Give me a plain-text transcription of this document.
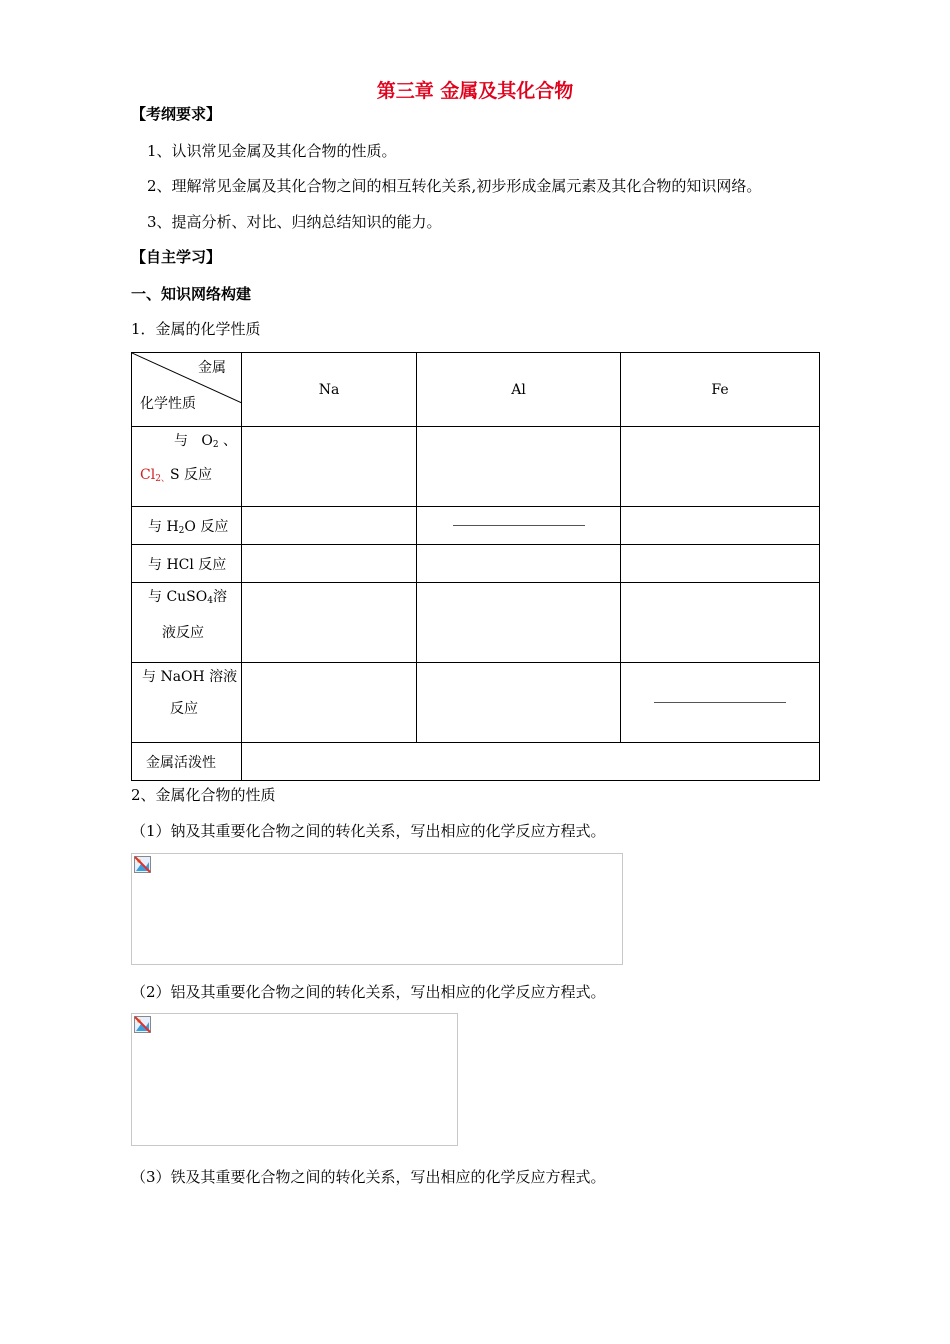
第三章 金属及其化合物
【考纲要求】
1、认识常见金属及其化合物的性质。
2、理解常见金属及其化合物之间的相互转化关系,初步形成金属元素及其化合物的知识网络。
3、提高分析、对比、归纳总结知识的能力。
【自主学习】
一、知识网络构建
1．金属的化学性质
金属
化学性质	Na	Al	Fe

与 $O_2$ 、
$Cl_{2、}S$ 反应			

与 $H_2O$ 反应		

与 HCl 反应			

与 CuSO$_4$溶
液反应			

与 NaOH 溶液
反应			

金属活泼性			
2、金属化合物的性质
（1）钠及其重要化合物之间的转化关系，写出相应的化学反应方程式。
（2）铝及其重要化合物之间的转化关系，写出相应的化学反应方程式。
（3）铁及其重要化合物之间的转化关系，写出相应的化学反应方程式。
